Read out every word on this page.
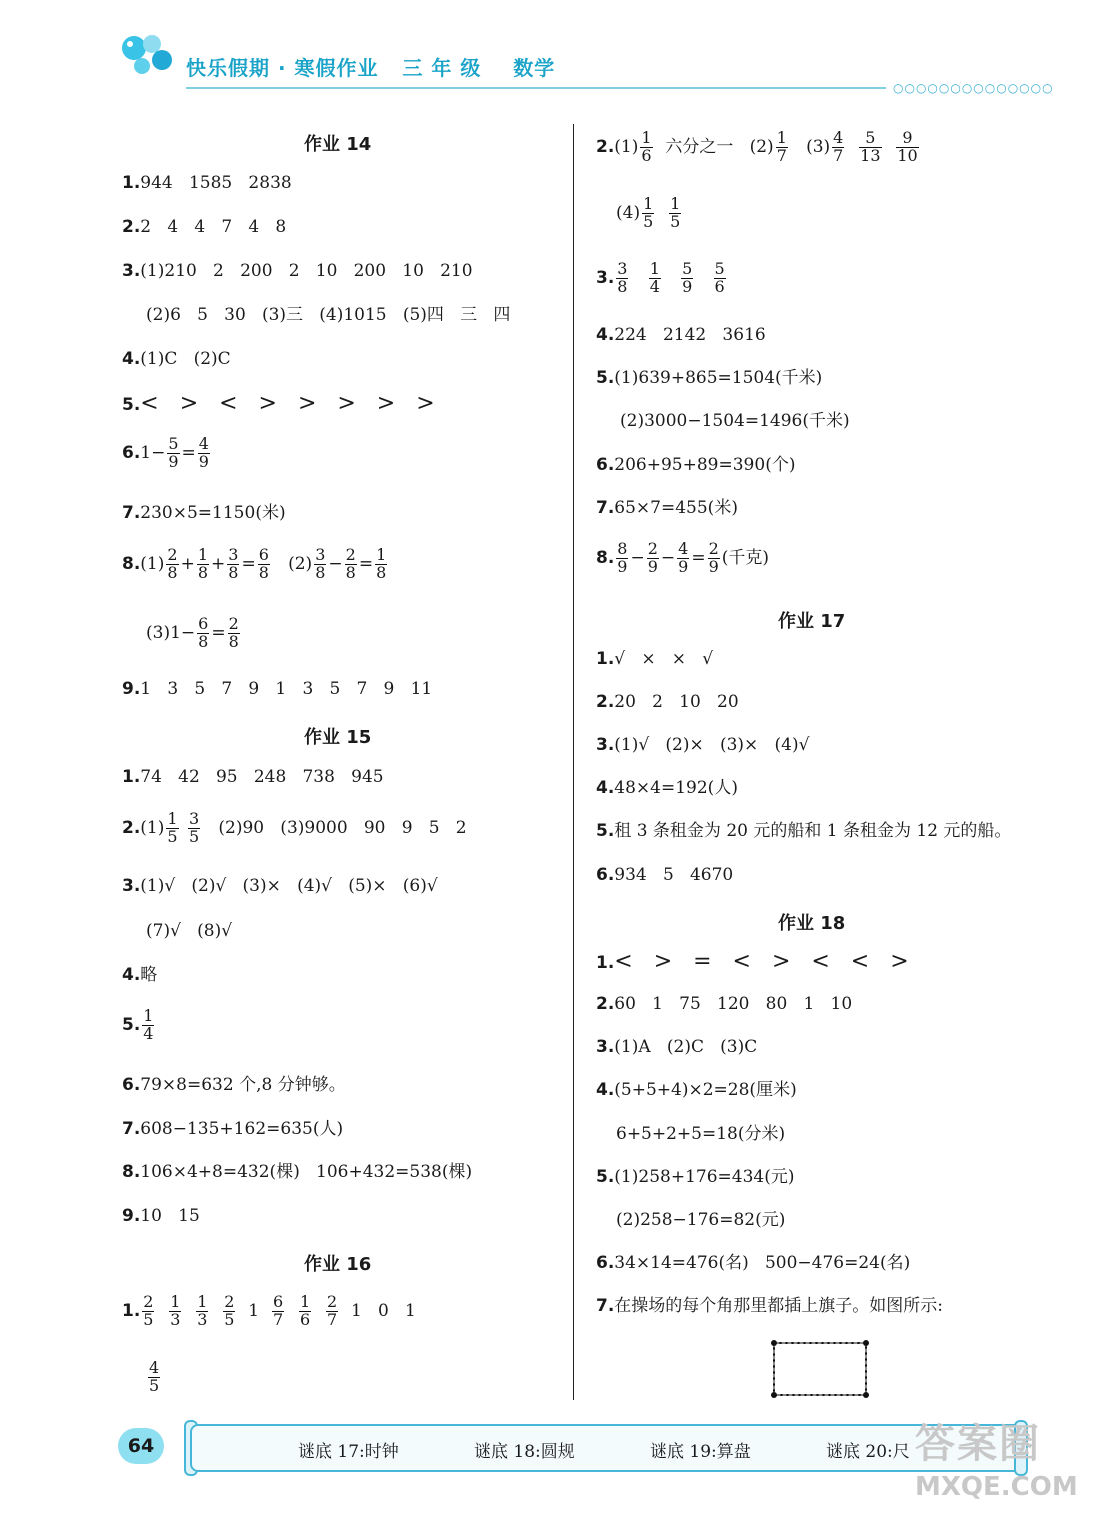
快乐假期 · 寒假作业   三 年 级    数学
○○○○○○○○○○○○○○
作业 14
1.944   1585   2838
2.2   4   4   7   4   8
3.(1)210   2   200   2   10   200   10   210
(2)6   5   30   (3)三   (4)1015   (5)四   三   四
4.(1)C   (2)C
5.<   >   <   >   >   >   >   >
$6.1- \frac{5}{9} = \frac{4}{9}$
7.230×5=1150(米)
$8.(1) \frac{2}{8} + \frac{1}{8} + \frac{3}{8} = \frac{6}{8} (2) \frac{3}{8} - \frac{2}{8} = \frac{1}{8}$
$(3)1- \frac{6}{8} = \frac{2}{8}$
9.1   3   5   7   9   1   3   5   7   9   11
作业 15
1.74   42   95   248   738   945
$2.(1) \frac{1}{5}$
$\frac{3}{5} (2)90$   (3)9000   90   9   5   2
3.(1)√   (2)√   (3)×   (4)√   (5)×   (6)√
(7)√   (8)√
4.略
5. $\frac{1}{4}$
6.79×8=632 个,8 分钟够。
7.608−135+162=635(人)
8.106×4+8=432(棵)   106+432=538(棵)
9.10   15
作业 16
1. $\frac{2}{5}$
$\frac{1}{3}$
$\frac{1}{3}$
$\frac{2}{5} 1 \frac{6}{7}$
$\frac{1}{6}$
$\frac{2}{7} 1$   0   1
$\frac{4}{5}$
$2.(1) \frac{1}{6}$ 六分之一   $(2) \frac{1}{7} (3) \frac{4}{7}$
$\frac{5}{13}$
$\frac{9}{10}$
$(4) \frac{1}{5}$
$\frac{1}{5}$
3. $\frac{3}{8}$
$\frac{1}{4}$
$\frac{5}{9}$
$\frac{5}{6}$
4.224   2142   3616
5.(1)639+865=1504(千米)
(2)3000−1504=1496(千米)
6.206+95+89=390(个)
7.65×7=455(米)
8. $\frac{8}{9} - \frac{2}{9} - \frac{4}{9} = \frac{2}{9}$ (千克)
作业 17
1.√   ×   ×   √
2.20   2   10   20
3.(1)√   (2)×   (3)×   (4)√
4.48×4=192(人)
5.租 3 条租金为 20 元的船和 1 条租金为 12 元的船。
6.934   5   4670
作业 18
1.<   >   =   <   >   <   <   >
2.60   1   75   120   80   1   10
3.(1)A   (2)C   (3)C
4.(5+5+4)×2=28(厘米)
6+5+2+5=18(分米)
5.(1)258+176=434(元)
(2)258−176=82(元)
6.34×14=476(名)   500−476=24(名)
7.在操场的每个角那里都插上旗子。如图所示:
64	谜底 17:时钟	谜底 18:圆规	谜底 19:算盘	谜底 20:尺 答案圈
MXQE.COM
